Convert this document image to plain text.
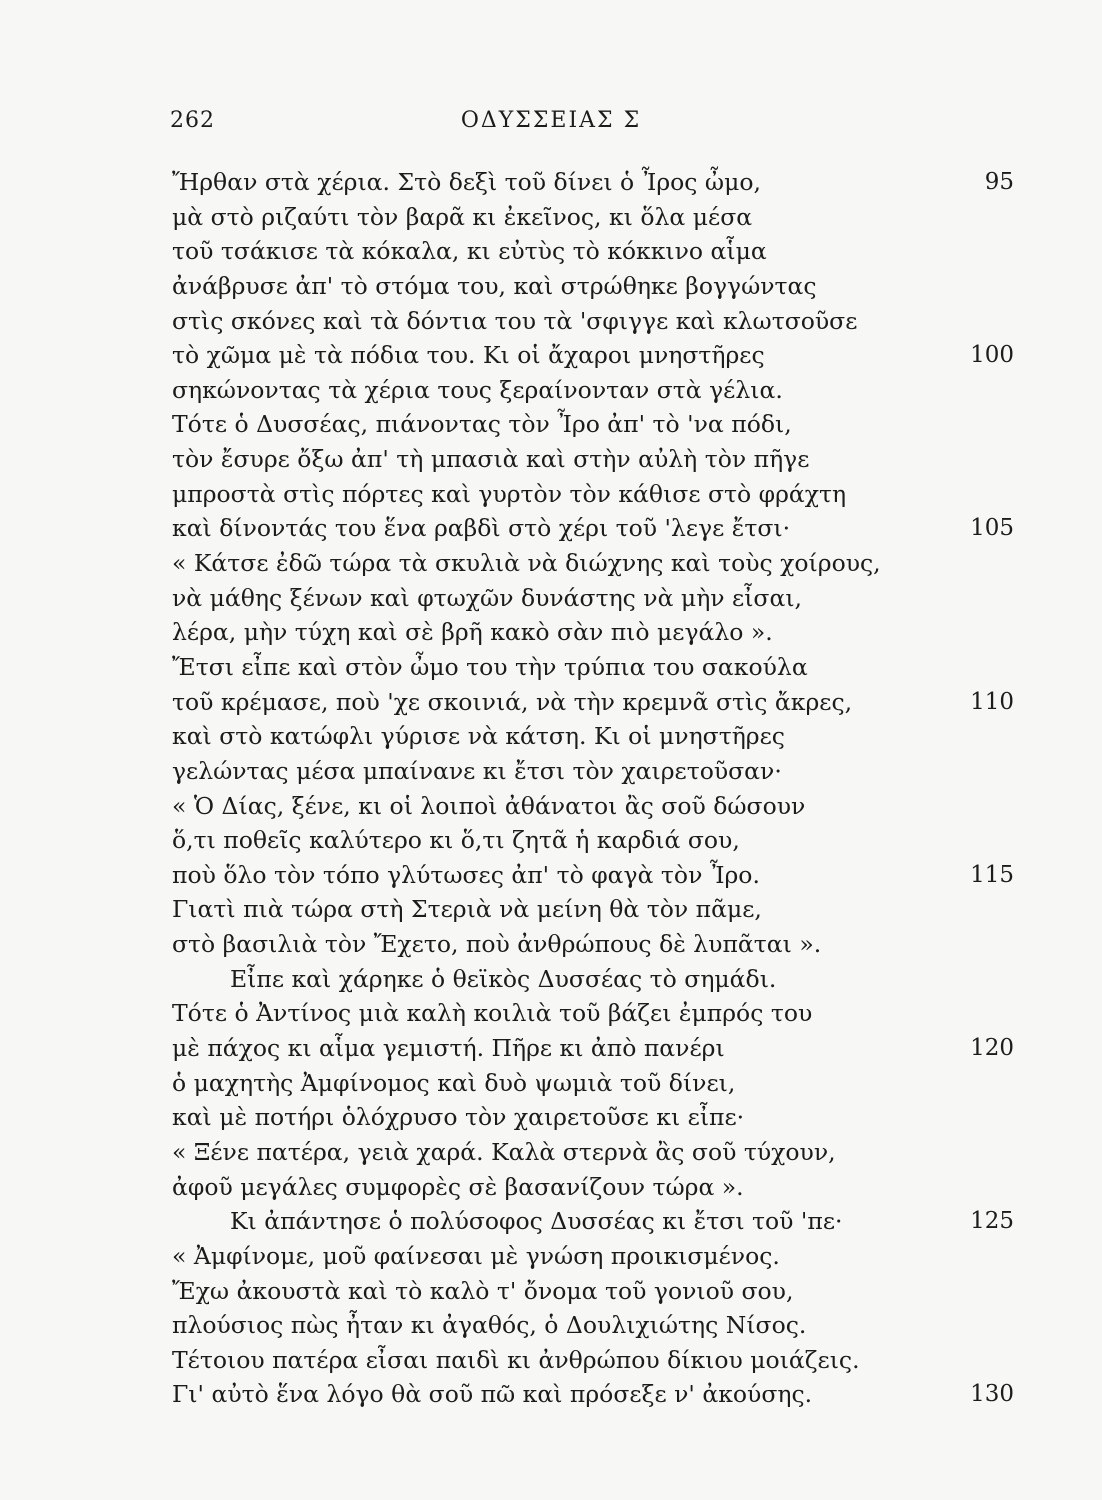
262	ΟΔΥΣΣΕΙΑΣ Σ
Ἤρθαν στὰ χέρια. Στὸ δεξὶ τοῦ δίνει ὁ Ἶρος ὦμο,	95
μὰ στὸ ριζαύτι τὸν βαρᾶ κι ἐκεῖνος, κι ὅλα μέσα
τοῦ τσάκισε τὰ κόκαλα, κι εὐτὺς τὸ κόκκινο αἷμα
ἀνάβρυσε ἀπ' τὸ στόμα του, καὶ στρώθηκε βογγώντας
στὶς σκόνες καὶ τὰ δόντια του τὰ 'σφιγγε καὶ κλωτσοῦσε
τὸ χῶμα μὲ τὰ πόδια του. Κι οἱ ἄχαροι μνηστῆρες	100
σηκώνοντας τὰ χέρια τους ξεραίνονταν στὰ γέλια.
Τότε ὁ Δυσσέας, πιάνοντας τὸν Ἶρο ἀπ' τὸ 'να πόδι,
τὸν ἔσυρε ὄξω ἀπ' τὴ μπασιὰ καὶ στὴν αὐλὴ τὸν πῆγε
μπροστὰ στὶς πόρτες καὶ γυρτὸν τὸν κάθισε στὸ φράχτη
καὶ δίνοντάς του ἕνα ραβδὶ στὸ χέρι τοῦ 'λεγε ἔτσι·	105
« Κάτσε ἐδῶ τώρα τὰ σκυλιὰ νὰ διώχνης καὶ τοὺς χοίρους,
νὰ μάθης ξένων καὶ φτωχῶν δυνάστης νὰ μὴν εἶσαι,
λέρα, μὴν τύχη καὶ σὲ βρῆ κακὸ σὰν πιὸ μεγάλο ».
Ἔτσι εἶπε καὶ στὸν ὦμο του τὴν τρύπια του σακούλα
τοῦ κρέμασε, ποὺ 'χε σκοινιά, νὰ τὴν κρεμνᾶ στὶς ἄκρες,	110
καὶ στὸ κατώφλι γύρισε νὰ κάτση. Κι οἱ μνηστῆρες
γελώντας μέσα μπαίνανε κι ἔτσι τὸν χαιρετοῦσαν·
« Ὁ Δίας, ξένε, κι οἱ λοιποὶ ἀθάνατοι ἂς σοῦ δώσουν
ὅ,τι ποθεῖς καλύτερο κι ὅ,τι ζητᾶ ἡ καρδιά σου,
ποὺ ὅλο τὸν τόπο γλύτωσες ἀπ' τὸ φαγὰ τὸν Ἶρο.	115
Γιατὶ πιὰ τώρα στὴ Στεριὰ νὰ μείνη θὰ τὸν πᾶμε,
στὸ βασιλιὰ τὸν Ἔχετο, ποὺ ἀνθρώπους δὲ λυπᾶται ».
Εἶπε καὶ χάρηκε ὁ θεϊκὸς Δυσσέας τὸ σημάδι.
Τότε ὁ Ἀντίνος μιὰ καλὴ κοιλιὰ τοῦ βάζει ἐμπρός του
μὲ πάχος κι αἷμα γεμιστή. Πῆρε κι ἀπὸ πανέρι	120
ὁ μαχητὴς Ἀμφίνομος καὶ δυὸ ψωμιὰ τοῦ δίνει,
καὶ μὲ ποτήρι ὁλόχρυσο τὸν χαιρετοῦσε κι εἶπε·
« Ξένε πατέρα, γειὰ χαρά. Καλὰ στερνὰ ἂς σοῦ τύχουν,
ἀφοῦ μεγάλες συμφορὲς σὲ βασανίζουν τώρα ».
Κι ἀπάντησε ὁ πολύσοφος Δυσσέας κι ἔτσι τοῦ 'πε·	125
« Ἀμφίνομε, μοῦ φαίνεσαι μὲ γνώση προικισμένος.
Ἔχω ἀκουστὰ καὶ τὸ καλὸ τ' ὄνομα τοῦ γονιοῦ σου,
πλούσιος πὼς ἦταν κι ἀγαθός, ὁ Δουλιχιώτης Νίσος.
Τέτοιου πατέρα εἶσαι παιδὶ κι ἀνθρώπου δίκιου μοιάζεις.
Γι' αὐτὸ ἕνα λόγο θὰ σοῦ πῶ καὶ πρόσεξε ν' ἀκούσης.	130
